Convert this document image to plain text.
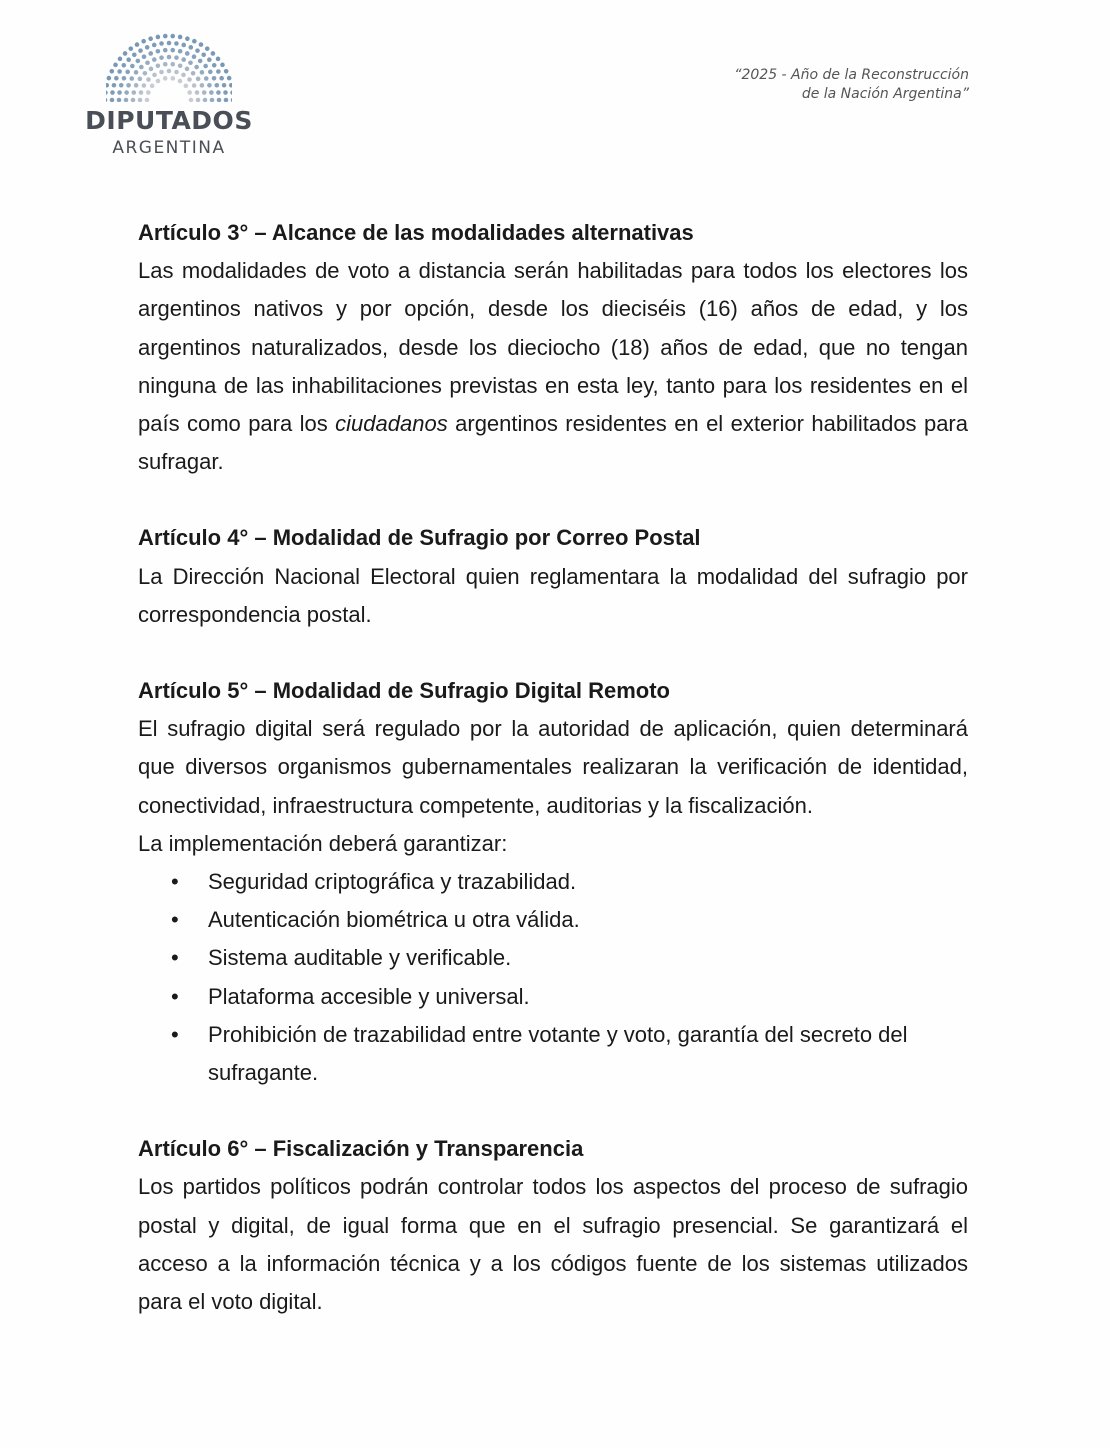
DIPUTADOS
ARGENTINA
“2025 - Año de la Reconstrucción
de la Nación Argentina”

Artículo 3° – Alcance de las modalidades alternativas

Las modalidades de voto a distancia serán habilitadas para todos los electores los argentinos nativos y por opción, desde los dieciséis (16) años de edad, y los argentinos naturalizados, desde los dieciocho (18) años de edad, que no tengan ninguna de las inhabilitaciones previstas en esta ley, tanto para los residentes en el país como para los ciudadanos argentinos residentes en el exterior habilitados para sufragar.

Artículo 4° – Modalidad de Sufragio por Correo Postal

La Dirección Nacional Electoral quien reglamentara la modalidad del sufragio por correspondencia postal.

Artículo 5° – Modalidad de Sufragio Digital Remoto

El sufragio digital será regulado por la autoridad de aplicación, quien determinará que diversos organismos gubernamentales realizaran la verificación de identidad, conectividad, infraestructura competente, auditorias y la fiscalización.

La implementación deberá garantizar:

• Seguridad criptográfica y trazabilidad.
• Autenticación biométrica u otra válida.
• Sistema auditable y verificable.
• Plataforma accesible y universal.
• Prohibición de trazabilidad entre votante y voto, garantía del secreto del sufragante.

Artículo 6° – Fiscalización y Transparencia

Los partidos políticos podrán controlar todos los aspectos del proceso de sufragio postal y digital, de igual forma que en el sufragio presencial. Se garantizará el acceso a la información técnica y a los códigos fuente de los sistemas utilizados para el voto digital.
